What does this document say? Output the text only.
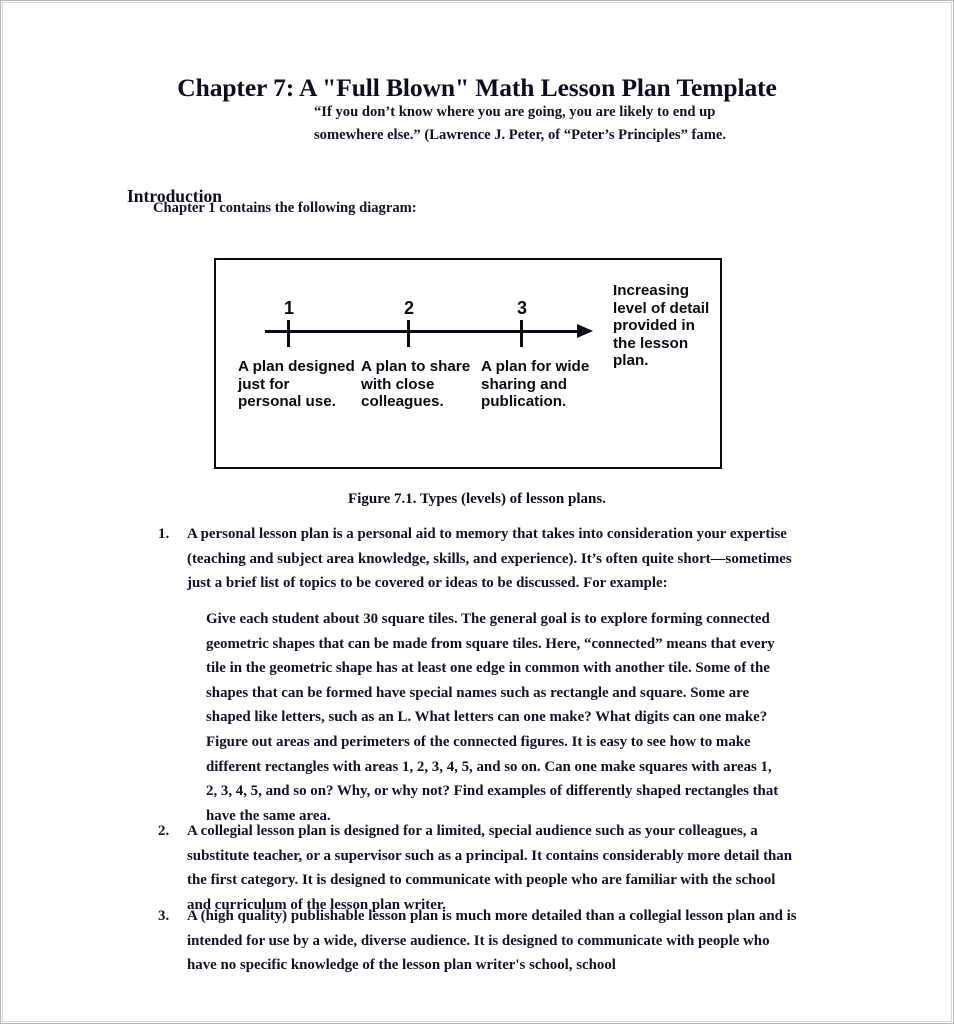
Chapter 7: A "Full Blown" Math Lesson Plan Template
“If you don’t know where you are going, you are likely to end up somewhere else.” (Lawrence J. Peter, of “Peter’s Principles” fame.
Introduction
Chapter 1 contains the following diagram:
1	2	3
A plan designed just for personal use.
A plan to share with close colleagues.
A plan for wide sharing and publication.
Increasing level of detail provided in the lesson plan.
Figure 7.1. Types (levels) of lesson plans.
1.	A personal lesson plan is a personal aid to memory that takes into consideration your expertise (teaching and subject area knowledge, skills, and experience). It’s often quite short—sometimes just a brief list of topics to be covered or ideas to be discussed. For example:
Give each student about 30 square tiles. The general goal is to explore forming connected geometric shapes that can be made from square tiles. Here, “connected” means that every tile in the geometric shape has at least one edge in common with another tile. Some of the shapes that can be formed have special names such as rectangle and square. Some are shaped like letters, such as an L. What letters can one make? What digits can one make? Figure out areas and perimeters of the connected figures. It is easy to see how to make different rectangles with areas 1, 2, 3, 4, 5, and so on. Can one make squares with areas 1, 2, 3, 4, 5, and so on? Why, or why not? Find examples of differently shaped rectangles that have the same area.
2.	A collegial lesson plan is designed for a limited, special audience such as your colleagues, a substitute teacher, or a supervisor such as a principal. It contains considerably more detail than the first category. It is designed to communicate with people who are familiar with the school and curriculum of the lesson plan writer.
3.	A (high quality) publishable lesson plan is much more detailed than a collegial lesson plan and is intended for use by a wide, diverse audience. It is designed to communicate with people who have no specific knowledge of the lesson plan writer's school, school
